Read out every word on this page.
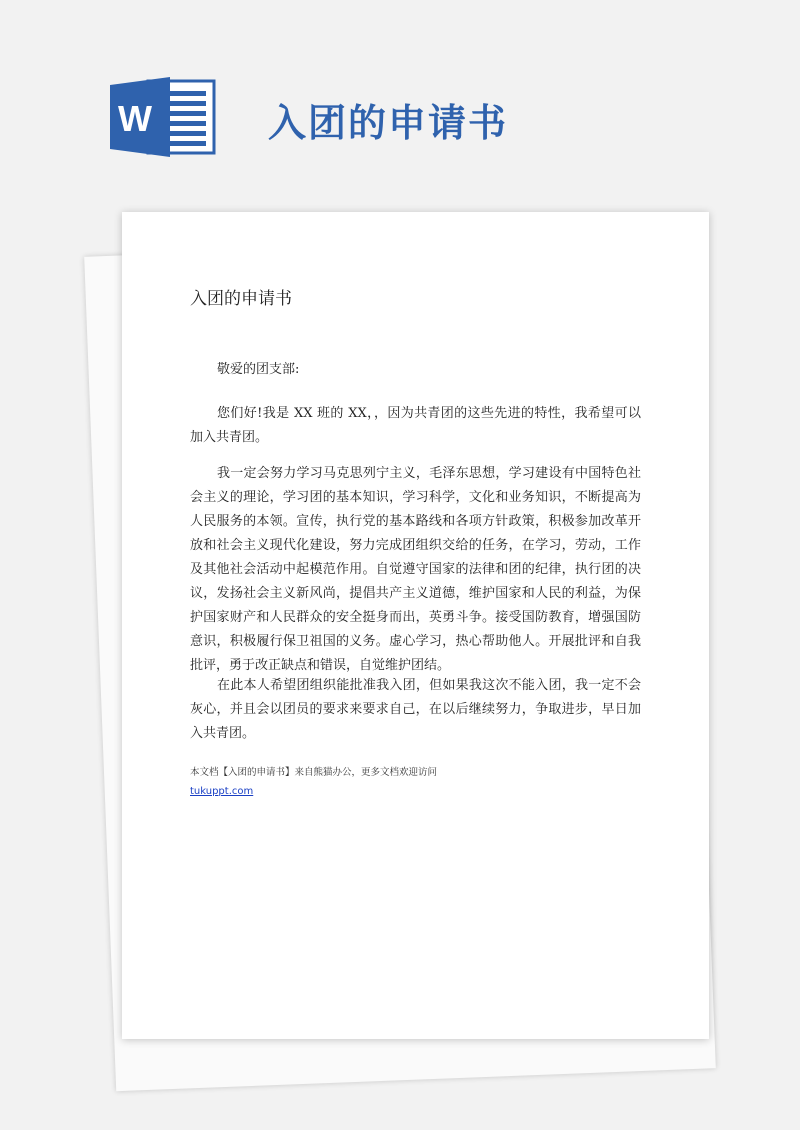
W	入团的申请书
入团的申请书
敬爱的团支部:

您们好!我是 XX 班的 XX，，因为共青团的这些先进的特性，我希望可以加入共青团。

我一定会努力学习马克思列宁主义，毛泽东思想，学习建设有中国特色社会主义的理论，学习团的基本知识，学习科学，文化和业务知识，不断提高为人民服务的本领。宣传，执行党的基本路线和各项方针政策，积极参加改革开放和社会主义现代化建设，努力完成团组织交给的任务，在学习，劳动，工作及其他社会活动中起模范作用。自觉遵守国家的法律和团的纪律，执行团的决议，发扬社会主义新风尚，提倡共产主义道德，维护国家和人民的利益，为保护国家财产和人民群众的安全挺身而出，英勇斗争。接受国防教育，增强国防意识，积极履行保卫祖国的义务。虚心学习，热心帮助他人。开展批评和自我批评，勇于改正缺点和错误，自觉维护团结。

在此本人希望团组织能批准我入团，但如果我这次不能入团，我一定不会灰心，并且会以团员的要求来要求自己，在以后继续努力，争取进步，早日加入共青团。

本文档【入团的申请书】来自熊猫办公，更多文档欢迎访问
tukuppt.com
